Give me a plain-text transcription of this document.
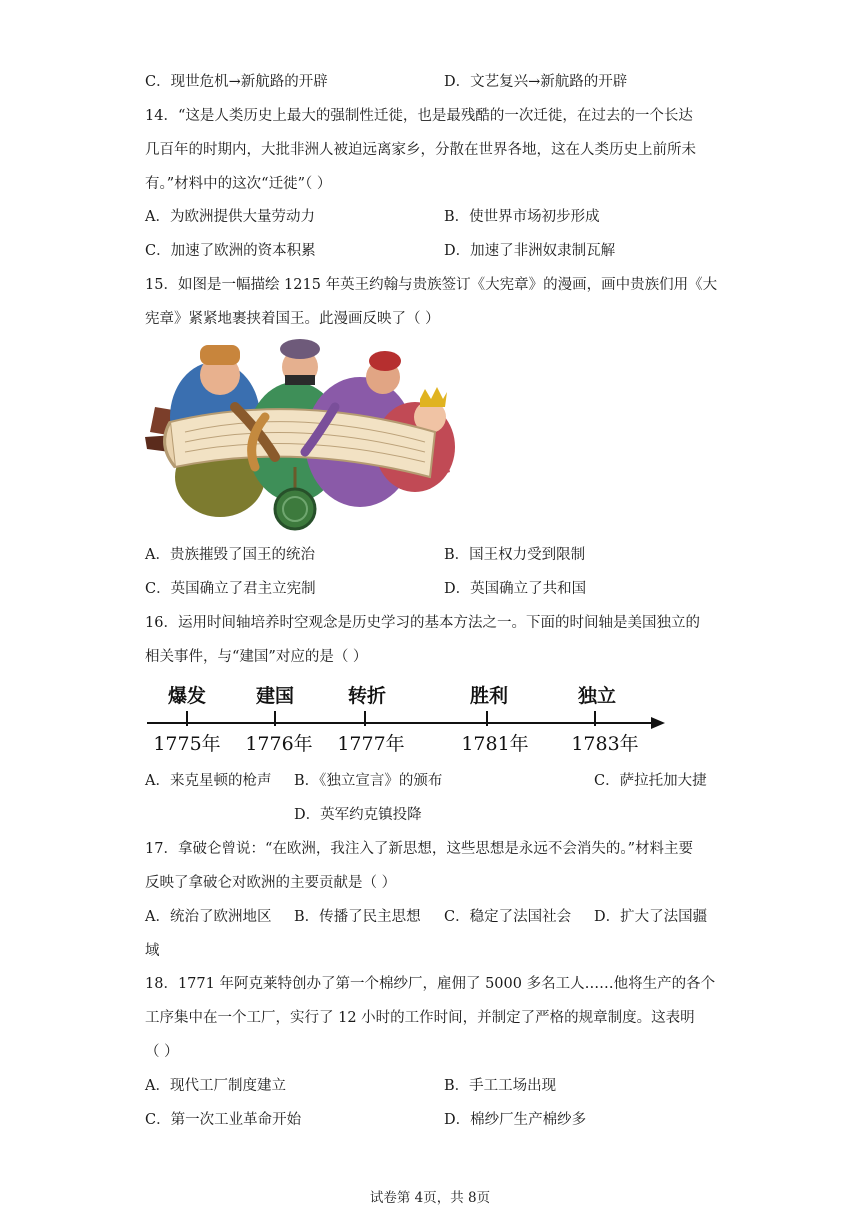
C．现世危机→新航路的开辟	D．文艺复兴→新航路的开辟
14．“这是人类历史上最大的强制性迁徙，也是最残酷的一次迁徙，在过去的一个长达
几百年的时期内，大批非洲人被迫远离家乡，分散在世界各地，这在人类历史上前所未
有。”材料中的这次“迁徙”（ ）
A．为欧洲提供大量劳动力	B．使世界市场初步形成
C．加速了欧洲的资本积累	D．加速了非洲奴隶制瓦解
15．如图是一幅描绘 1215 年英王约翰与贵族签订《大宪章》的漫画，画中贵族们用《大
宪章》紧紧地裹挟着国王。此漫画反映了（ ）
A．贵族摧毁了国王的统治	B．国王权力受到限制
C．英国确立了君主立宪制	D．英国确立了共和国
16．运用时间轴培养时空观念是历史学习的基本方法之一。下面的时间轴是美国独立的
相关事件，与“建国”对应的是（ ）
爆发
1775年
建国
1776年
转折
1777年
胜利
1781年
独立
1783年
A．来克星顿的枪声 B．《独立宣言》的颁布	C．萨拉托加大捷
D．英军约克镇投降
17．拿破仑曾说：“在欧洲，我注入了新思想，这些思想是永远不会消失的。”材料主要
反映了拿破仑对欧洲的主要贡献是（ ）
A．统治了欧洲地区 B．传播了民主思想 C．稳定了法国社会 D．扩大了法国疆
域
18．1771 年阿克莱特创办了第一个棉纱厂，雇佣了 5000 多名工人……他将生产的各个
工序集中在一个工厂，实行了 12 小时的工作时间，并制定了严格的规章制度。这表明
（ ）
A．现代工厂制度建立	B．手工工场出现
C．第一次工业革命开始	D．棉纱厂生产棉纱多
试卷第 4页，共 8页
